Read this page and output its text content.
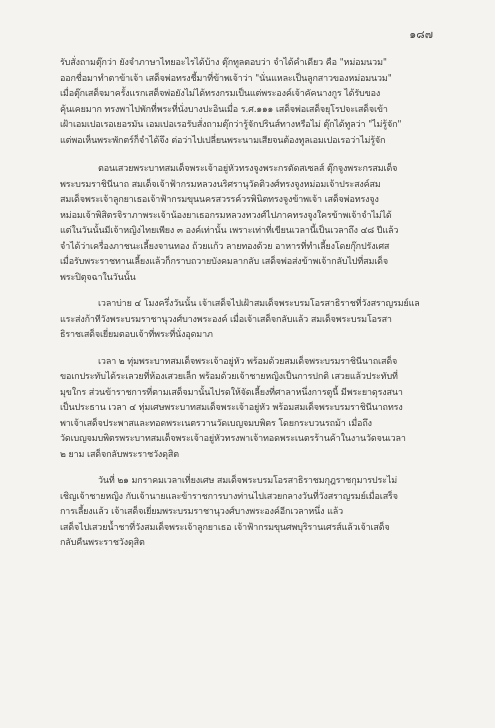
๑๘๗
รับสั่งถามตุ๊กว่า ยังจำภาษาไทยอะไรได้บ้าง ตุ๊กทูลตอบว่า จำได้คำเดียว คือ "หม่อมนวม"
ออกชื่อมาทำตาข้าเจ้า เสด็จพ่อทรงชี้มาที่ข้าพเจ้าว่า "นั่นแหละเป็นลูกสาวของหม่อมนวม"
เมื่อตุ๊กเสด็จมาครั้งแรกเสด็จพ่อยังไม่ได้ทรงกรมเป็นแต่พระองค์เจ้าคัคนางกูร ได้รับของ
คุ้นเคยมาก ทรงพาไปพักที่พระที่นั่งบางปะอินเมื่อ ร.ศ.๑๑๑ เสด็จพ่อเสด็จยุโรปจะเสด็จเข้า
เฝ้าเอมเปอเรอเยอรมัน เอมเปอเรอรับสั่งถามตุ๊กว่ารู้จักปรินส์ทางหรือไม่ ตุ๊กได้ทูลว่า "ไม่รู้จัก"
แต่พอเห็นพระพักตร์ก็จำได้จึง ต่อว่าไปเปลี่ยนพระนามเสียจนต้องทูลเอมเปอเรอว่าไม่รู้จัก
ตอนเสวยพระบาทสมเด็จพระเจ้าอยู่หัวทรงจูงพระกรตัดสเซลส์ ตุ๊กจูงพระกรสมเด็จ
พระบรมราชินีนาถ สมเด็จเจ้าฟ้ากรมหลวงนริศรานุวัดติวงศ์ทรงจูงหม่อมเจ้าประสงค์สม
สมเด็จพระเจ้าลูกยาเธอเจ้าฟ้ากรมขุนนครสวรรค์วรพินิตทรงจูงข้าพเจ้า เสด็จพ่อทรงจูง
หม่อมเจ้าพิสิตรจิราภาพระเจ้าน้องยาเธอกรมหลวงทวงศ์ไปภาคทรงจูงใครข้าพเจ้าจำไม่ได้
แต่ในวันนั้นมีเจ้าหญิงไทยเพียง ๓ องค์เท่านั้น เพราะเท่าที่เขียนเวลานี้เป็นเวลาถึง ๔๘ ปีแล้ว
จำได้ว่าเครื่องภาชนะเลี้ยงจานทอง ถ้วยแก้ว ลายทองด้วย อาหารที่ทำเลี้ยงโดยกุ๊กปรังเศส
เมื่อรับพระราชทานเลี้ยงแล้วก็กราบถวายบังคมลากลับ เสด็จพ่อส่งข้าพเจ้ากลับไปที่สมเด็จ
พระปิตุจฉาในวันนั้น
เวลาบ่าย ๔ โมงครึ่งวันนั้น เจ้าเสด็จไปเฝ้าสมเด็จพระบรมโอรสาธิราชที่วังสราญรมย์แล
แระส่งก้าทีวังพระบรมราชานุวงศ์บางพระองค์ เมื่อเจ้าเสด็จกลับแล้ว สมเด็จพระบรมโอรสา
ธิราชเสด็จเยี่ยมตอบเจ้าที่พระที่นั่งอุดมาภ
เวลา ๒ ทุ่มพระบาทสมเด็จพระเจ้าอยู่หัว พร้อมด้วยสมเด็จพระบรมราชินีนาถเสด็จ
ขอเกประทับได้ระเลวยที่ห้องเสวยเล็ก พร้อมด้วยเจ้าชายหญิงเป็นการปกติ เสวยแล้วประทับที่
มุขใกร ส่วนข้าราชการที่ตามเสด็จมานั้นไปรดให้จัดเลี้ยงที่ศาลาหนึ่งการตูนี้ มีพระยาดุรงสนา
เป็นประธาน เวลา ๔ ทุ่มเศษพระบาทสมเด็จพระเจ้าอยู่หัว พร้อมสมเด็จพระบรมราชินีนาถทรง
พาเจ้าเสด็จประพาสและทอดพระเนตรวานวัดเบญจมบพิตร โดยกระบวนรถม้า เมื่อถึง
วัดเบญจมบพิตรพระบาทสมเด็จพระเจ้าอยู่หัวทรงพาเจ้าทอดพระเนตรร้านค้าในงานวัดจนเวลา
๒ ยาม เสด็จกลับพระราชวังดุสิต
วันที่ ๒๑ มกราคมเวลาเที่ยงเศษ สมเด็จพระบรมโอรสาธิราชมกุฎราชกุมารประไม่
เชิญเจ้าชายหญิง กับเจ้านายและข้าราชการบางท่านไปเสวยกลางวันที่วังสราญรมย์เมื่อเสร็จ
การเลี้ยงแล้ว เจ้าเสด็จเยี่ยมพระบรมราชานุวงศ์บางพระองค์อีกเวลาหนึ่ง แล้ว
เสด็จไปเสวยน้ำชาที่วังสมเด็จพระเจ้าลูกยาเธอ เจ้าฟ้ากรมขุนศพบุริรานเศรส์แล้วเจ้าเสด็จ
กลับคืนพระราชวังดุสิต
